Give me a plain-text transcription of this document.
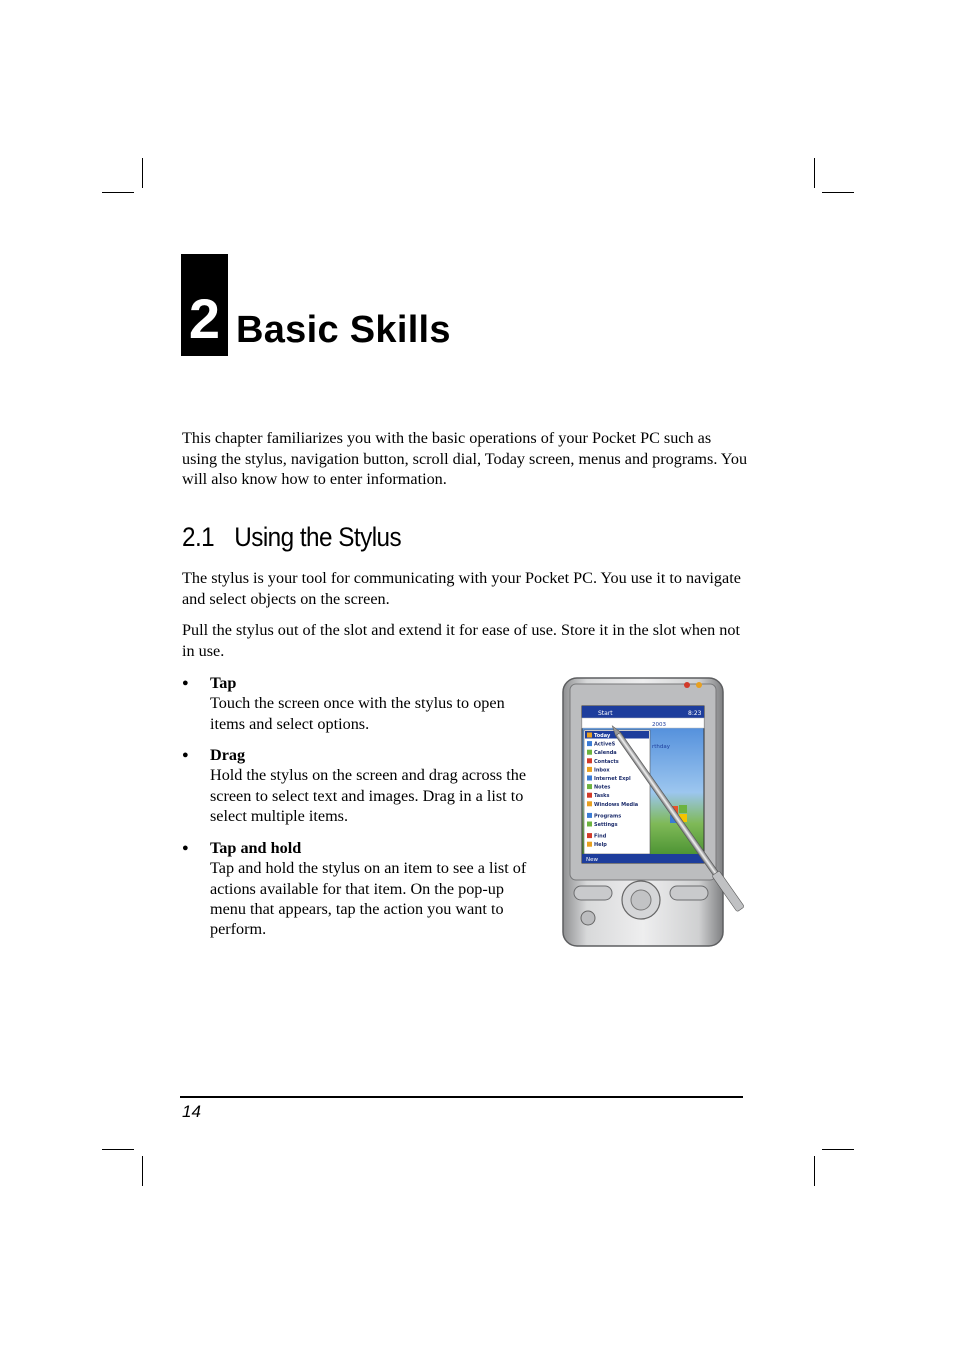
2 Basic Skills
This chapter familiarizes you with the basic operations of your Pocket PC such as using the stylus, navigation button, scroll dial, Today screen, menus and programs. You will also know how to enter information.
2.1 Using the Stylus
The stylus is your tool for communicating with your Pocket PC. You use it to navigate and select objects on the screen.
Pull the stylus out of the slot and extend it for ease of use. Store it in the slot when not in use.
● Tap
Touch the screen once with the stylus to open items and select options.
● Drag
Hold the stylus on the screen and drag across the screen to select text and images. Drag in a list to select multiple items.
● Tap and hold
Tap and hold the stylus on an item to see a list of actions available for that item. On the pop-up menu that appears, tap the action you want to perform.
Start	8:23
2003
rthday
Today
ActiveS
Calenda
Contacts
Inbox
Internet Expl
Notes
Tasks
Windows Media
Programs
Settings
Find
Help
New
14
